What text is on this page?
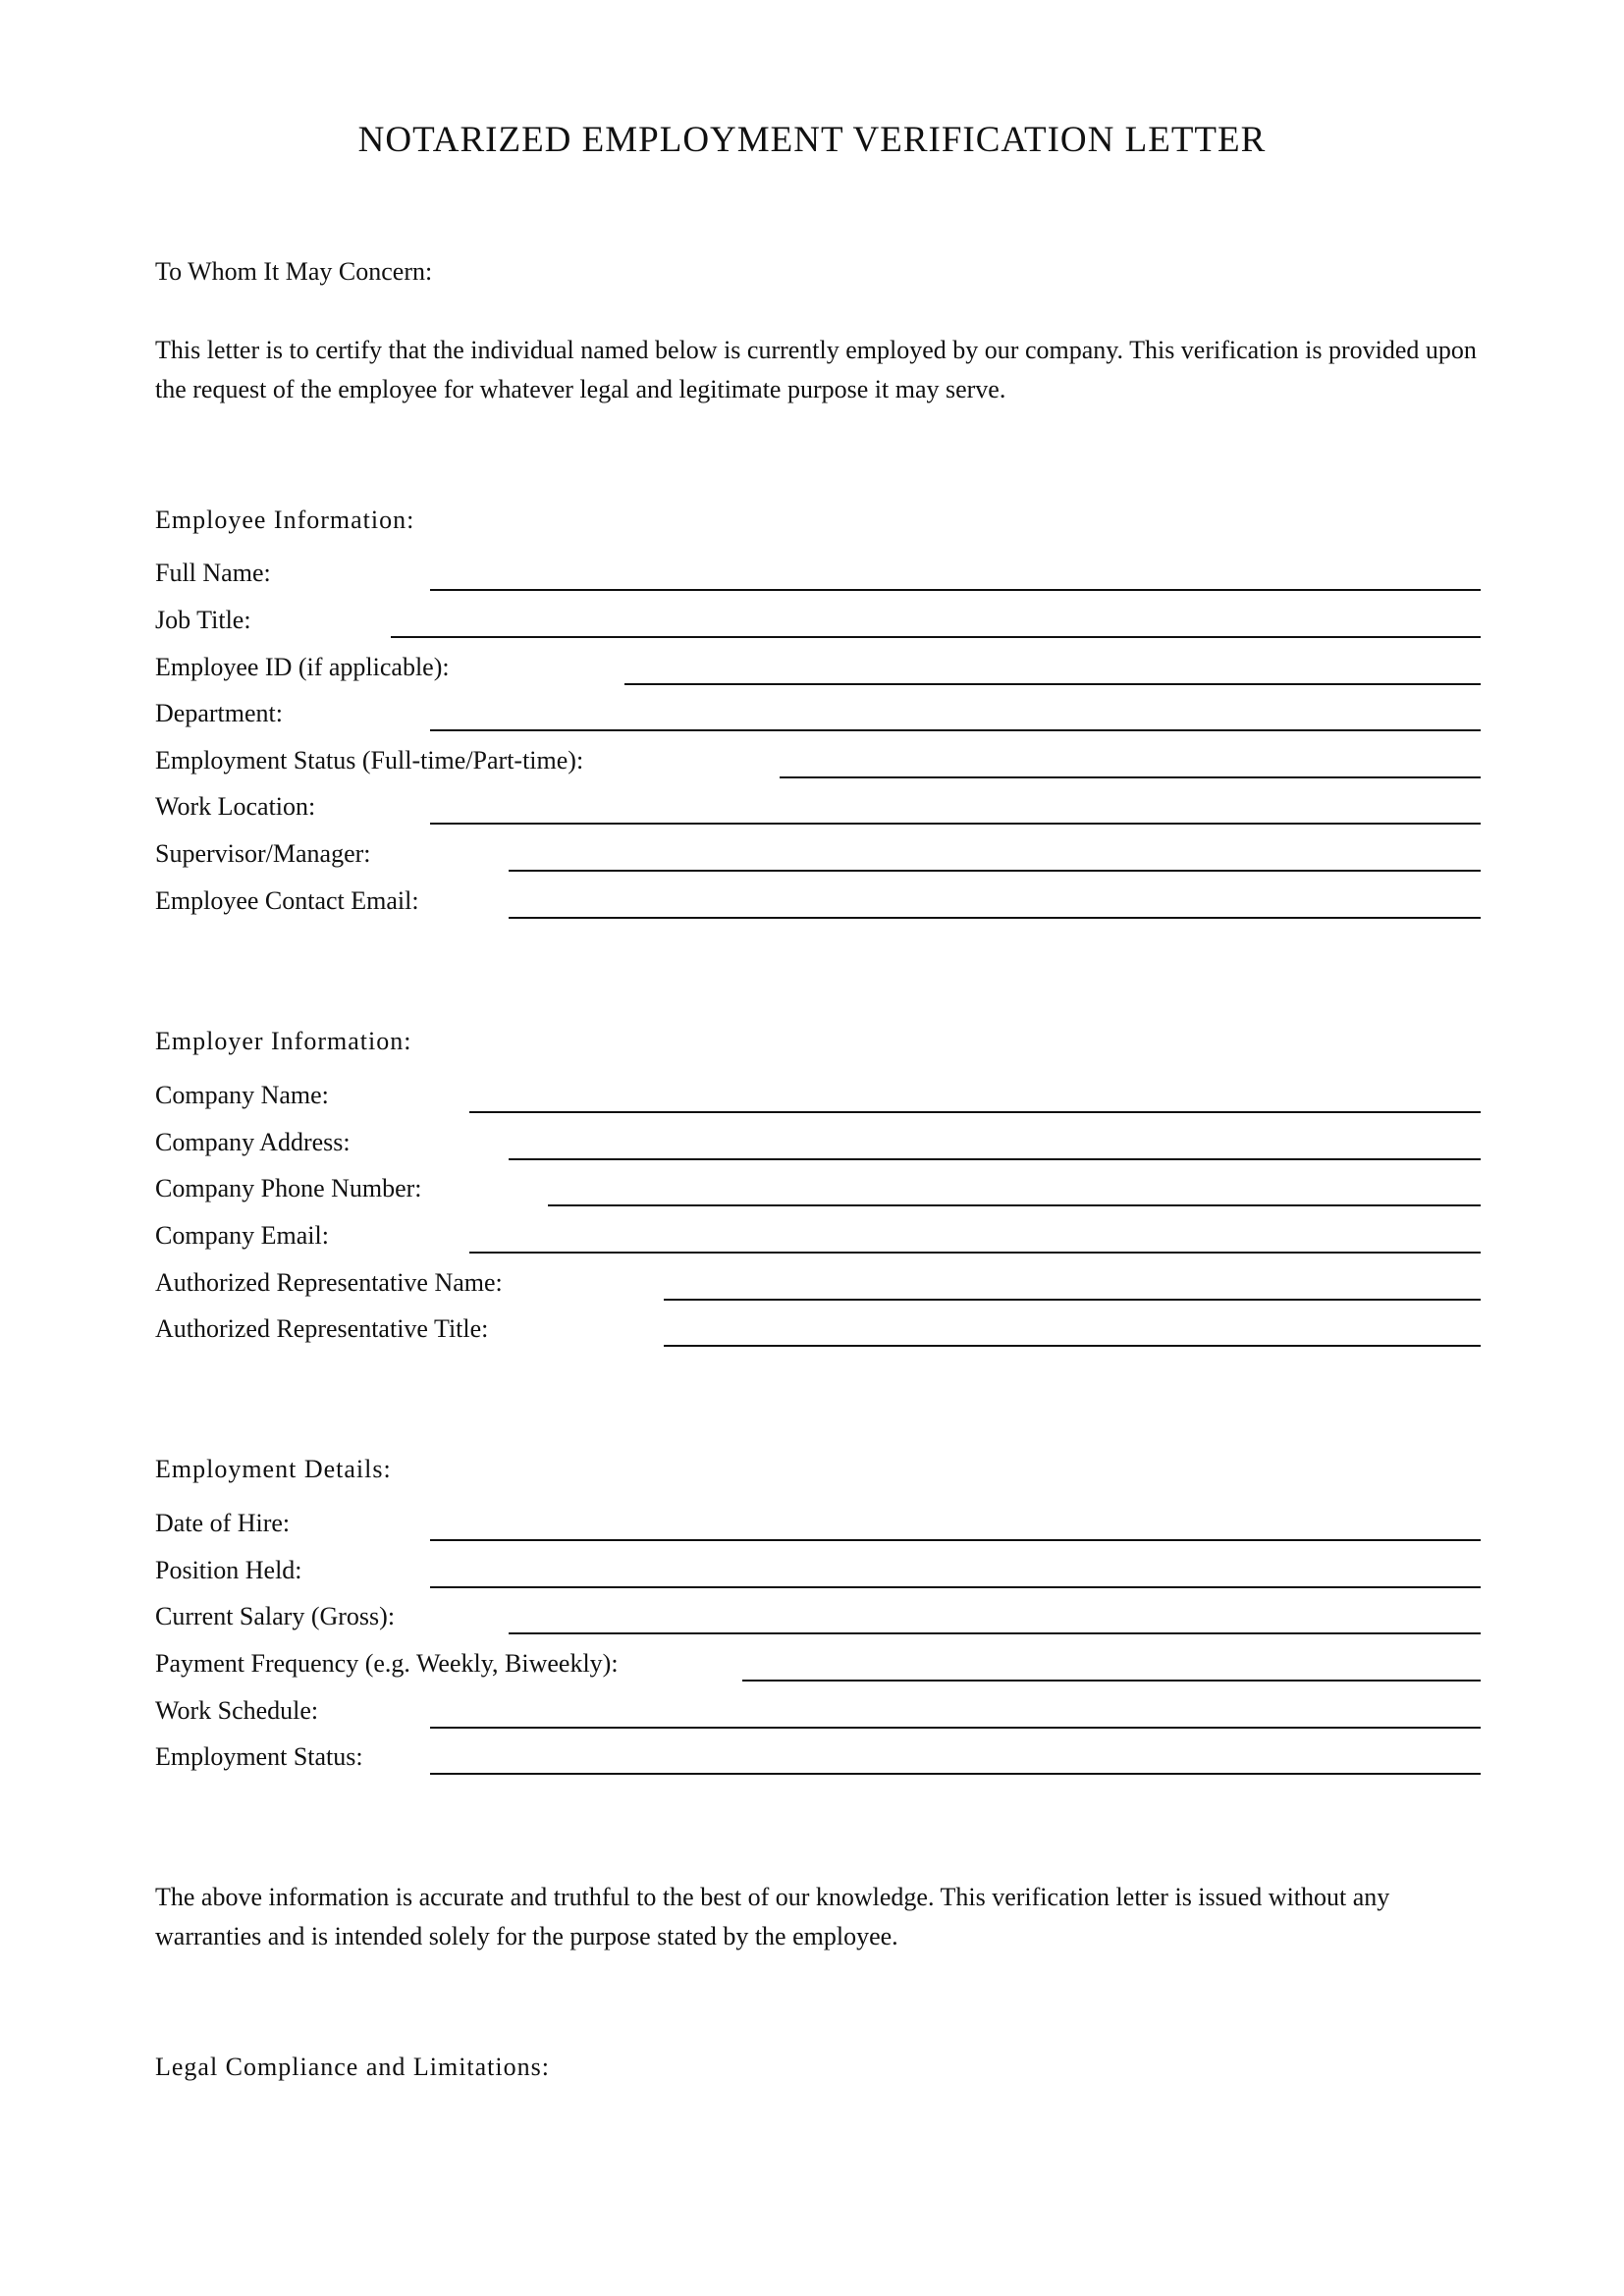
NOTARIZED EMPLOYMENT VERIFICATION LETTER
To Whom It May Concern:
This letter is to certify that the individual named below is currently employed by our company. This verification is provided upon the request of the employee for whatever legal and legitimate purpose it may serve.
Employee Information:
Full Name:
Job Title:
Employee ID (if applicable):
Department:
Employment Status (Full-time/Part-time):
Work Location:
Supervisor/Manager:
Employee Contact Email:
Employer Information:
Company Name:
Company Address:
Company Phone Number:
Company Email:
Authorized Representative Name:
Authorized Representative Title:
Employment Details:
Date of Hire:
Position Held:
Current Salary (Gross):
Payment Frequency (e.g. Weekly, Biweekly):
Work Schedule:
Employment Status:
The above information is accurate and truthful to the best of our knowledge. This verification letter is issued without any warranties and is intended solely for the purpose stated by the employee.
Legal Compliance and Limitations:
